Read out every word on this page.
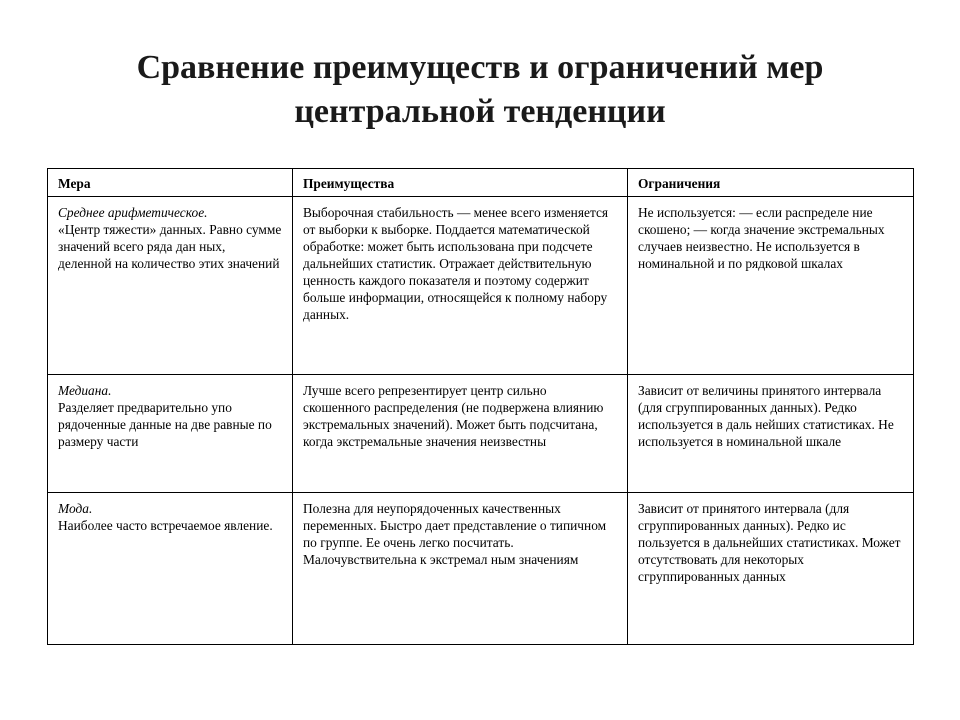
Сравнение преимуществ и ограничений мер
центральной тенденции
Мера	Преимущества	Ограничения

Среднее арифметическое.
«Центр тяжести» данных. Равно сумме значений всего ряда дан ных, деленной на количество этих значений	Выборочная стабильность — менее всего изменяется от выборки к выборке. Поддается математической обработке: может быть использована при подсчете дальнейших статистик. Отражает действительную ценность каждого показателя и поэтому содержит больше информации, относящейся к полному набору данных.	Не используется: — если распределе ние скошено; — когда значение экстремальных случаев неизвестно. Не используется в номинальной и по рядковой шкалах

Медиана.
Разделяет предварительно упо рядоченные данные на две равные по размеру части	Лучше всего репрезентирует центр сильно скошенного распределения (не подвержена влиянию экстремальных значений). Может быть подсчитана, когда экстремальные значения неизвестны	Зависит от величины принятого интервала (для сгруппированных данных). Редко используется в даль нейших статистиках. Не используется в номинальной шкале

Мода.
Наиболее часто встречаемое явление.	Полезна для неупорядоченных качественных переменных. Быстро дает представление о типичном по группе. Ее очень легко посчитать. Малочувствительна к экстремал ным значениям	Зависит от принятого интервала (для сгруппированных данных). Редко ис пользуется в дальнейших статистиках. Может отсутствовать для некоторых сгруппированных данных
